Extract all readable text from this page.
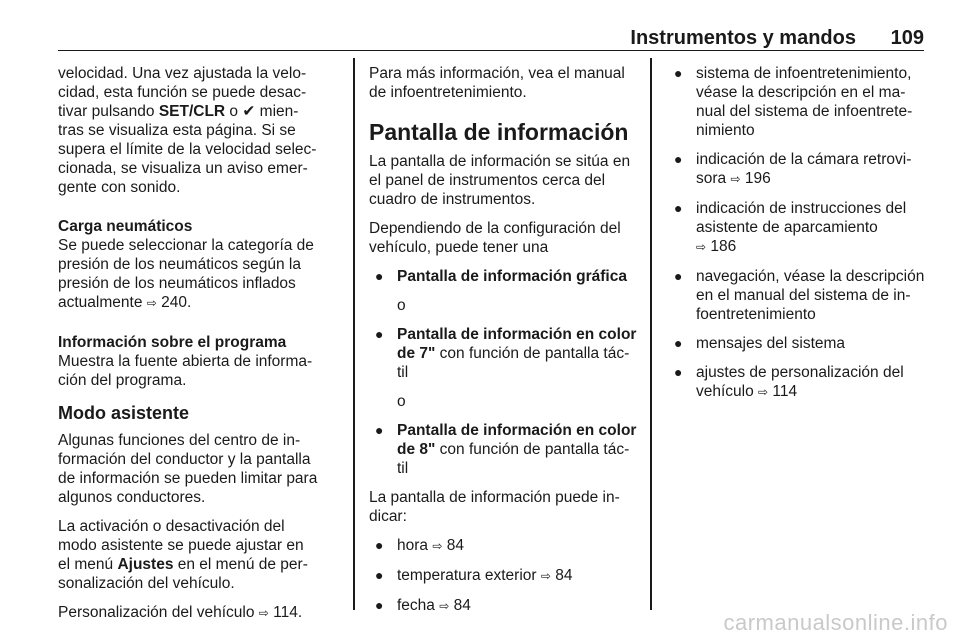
Instrumentos y mandos 109

velocidad. Una vez ajustada la velo-
cidad, esta función se puede desac-
tivar pulsando SET/CLR o ✔ mien-
tras se visualiza esta página. Si se
supera el límite de la velocidad selec-
cionada, se visualiza un aviso emer-
gente con sonido.

Carga neumáticos
Se puede seleccionar la categoría de
presión de los neumáticos según la
presión de los neumáticos inflados
actualmente ⇨ 240.

Información sobre el programa
Muestra la fuente abierta de informa-
ción del programa.

Modo asistente

Algunas funciones del centro de in-
formación del conductor y la pantalla
de información se pueden limitar para
algunos conductores.

La activación o desactivación del
modo asistente se puede ajustar en
el menú Ajustes en el menú de per-
sonalización del vehículo.

Personalización del vehículo ⇨ 114.

Para más información, vea el manual
de infoentretenimiento.

Pantalla de información

La pantalla de información se sitúa en
el panel de instrumentos cerca del
cuadro de instrumentos.

Dependiendo de la configuración del
vehículo, puede tener una

● Pantalla de información gráfica
o
● Pantalla de información en color
de 7" con función de pantalla tác-
til
o
● Pantalla de información en color
de 8" con función de pantalla tác-
til

La pantalla de información puede in-
dicar:

● hora ⇨ 84
● temperatura exterior ⇨ 84
● fecha ⇨ 84
● sistema de infoentretenimiento,
véase la descripción en el ma-
nual del sistema de infoentrete-
nimiento
● indicación de la cámara retrovi-
sora ⇨ 196
● indicación de instrucciones del
asistente de aparcamiento
⇨ 186
● navegación, véase la descripción
en el manual del sistema de in-
foentretenimiento
● mensajes del sistema
● ajustes de personalización del
vehículo ⇨ 114
carmanualsonline.info
